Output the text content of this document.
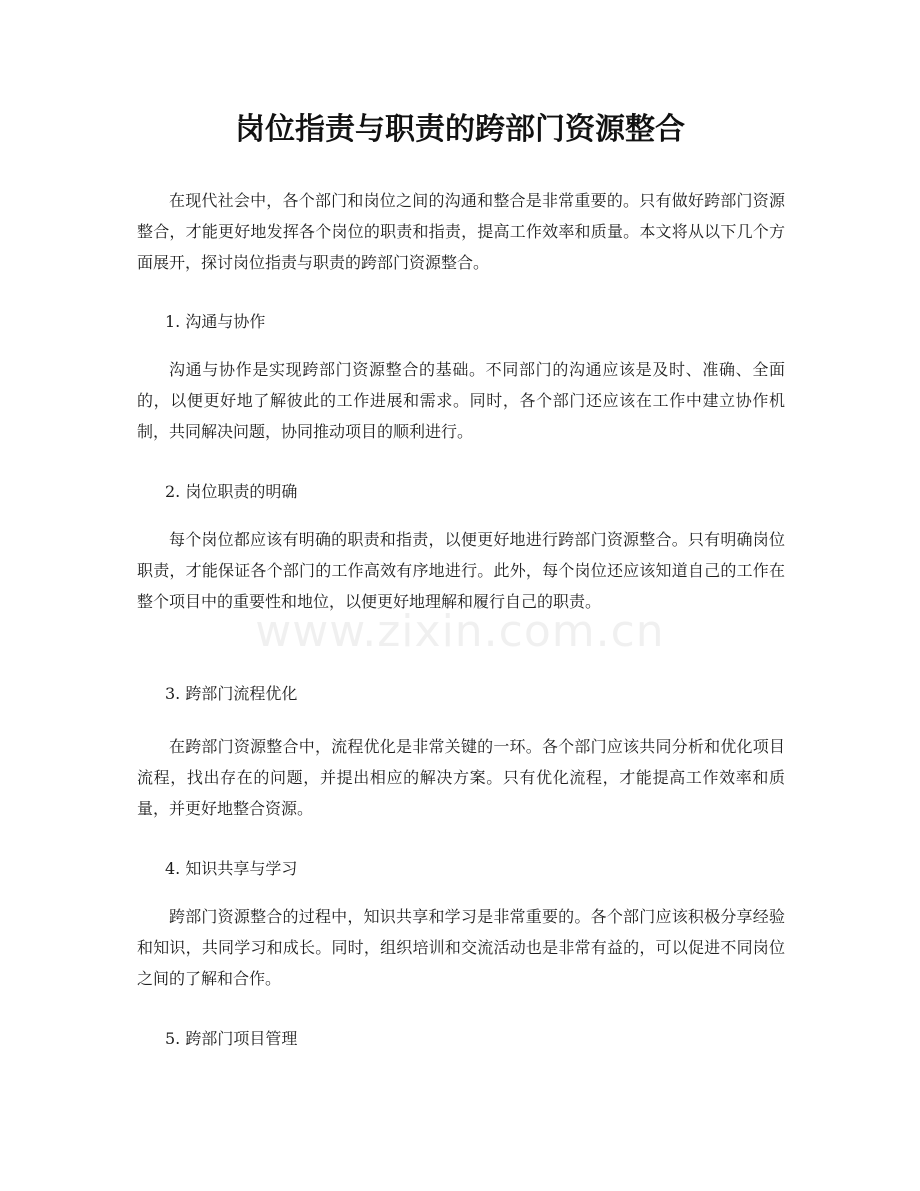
岗位指责与职责的跨部门资源整合

在现代社会中，各个部门和岗位之间的沟通和整合是非常重要的。只有做好跨部门资源整合，才能更好地发挥各个岗位的职责和指责，提高工作效率和质量。本文将从以下几个方面展开，探讨岗位指责与职责的跨部门资源整合。

1. 沟通与协作

沟通与协作是实现跨部门资源整合的基础。不同部门的沟通应该是及时、准确、全面的，以便更好地了解彼此的工作进展和需求。同时，各个部门还应该在工作中建立协作机制，共同解决问题，协同推动项目的顺利进行。

2. 岗位职责的明确

每个岗位都应该有明确的职责和指责，以便更好地进行跨部门资源整合。只有明确岗位职责，才能保证各个部门的工作高效有序地进行。此外，每个岗位还应该知道自己的工作在整个项目中的重要性和地位，以便更好地理解和履行自己的职责。

3. 跨部门流程优化

在跨部门资源整合中，流程优化是非常关键的一环。各个部门应该共同分析和优化项目流程，找出存在的问题，并提出相应的解决方案。只有优化流程，才能提高工作效率和质量，并更好地整合资源。

4. 知识共享与学习

跨部门资源整合的过程中，知识共享和学习是非常重要的。各个部门应该积极分享经验和知识，共同学习和成长。同时，组织培训和交流活动也是非常有益的，可以促进不同岗位之间的了解和合作。

5. 跨部门项目管理
www.zixin.com.cn
